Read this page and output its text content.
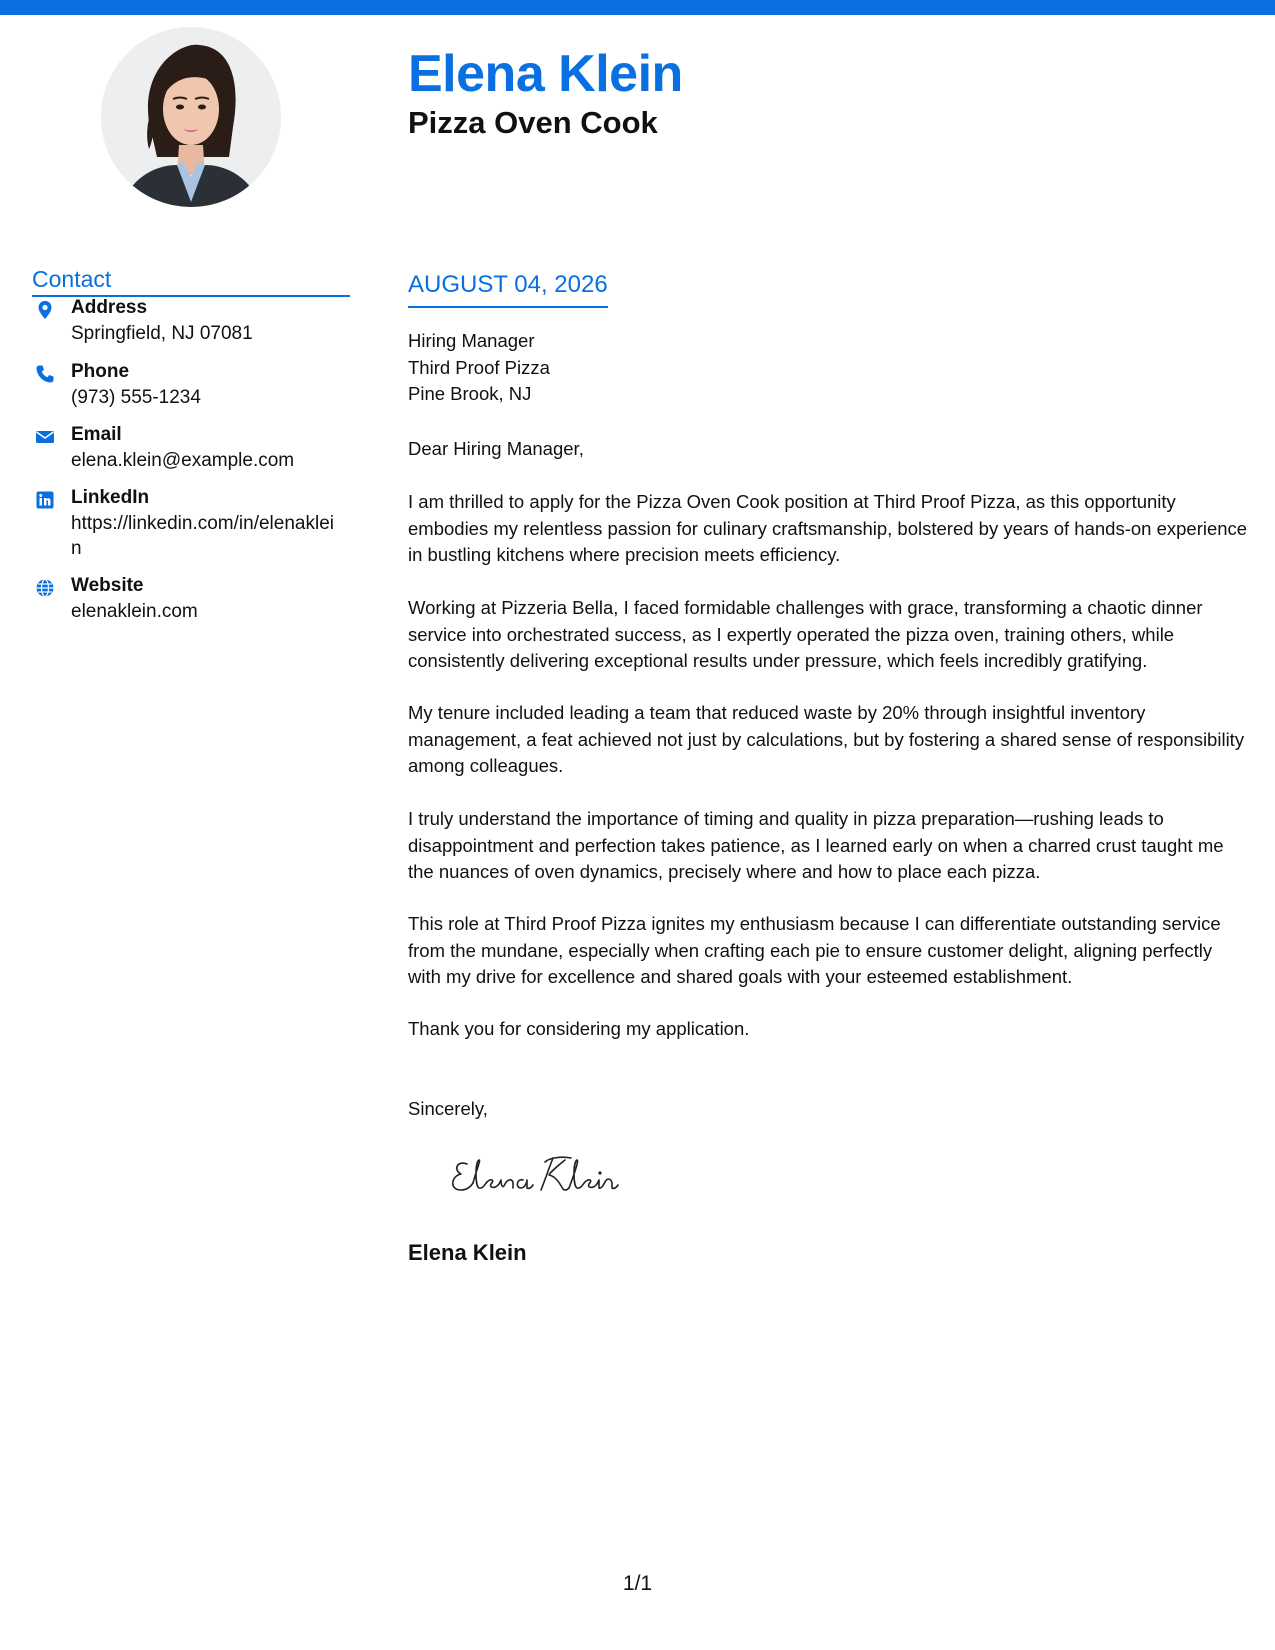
Elena Klein
Pizza Oven Cook
Contact
Address
Springfield, NJ 07081
Phone
(973) 555-1234
Email
elena.klein@example.com
LinkedIn
https://linkedin.com/in/elenaklein
Website
elenaklein.com
AUGUST 04, 2026
Hiring Manager
Third Proof Pizza
Pine Brook, NJ

Dear Hiring Manager,

I am thrilled to apply for the Pizza Oven Cook position at Third Proof Pizza, as this opportunity embodies my relentless passion for culinary craftsmanship, bolstered by years of hands-on experience in bustling kitchens where precision meets efficiency.

Working at Pizzeria Bella, I faced formidable challenges with grace, transforming a chaotic dinner service into orchestrated success, as I expertly operated the pizza oven, training others, while consistently delivering exceptional results under pressure, which feels incredibly gratifying.

My tenure included leading a team that reduced waste by 20% through insightful inventory management, a feat achieved not just by calculations, but by fostering a shared sense of responsibility among colleagues.

I truly understand the importance of timing and quality in pizza preparation—rushing leads to disappointment and perfection takes patience, as I learned early on when a charred crust taught me the nuances of oven dynamics, precisely where and how to place each pizza.

This role at Third Proof Pizza ignites my enthusiasm because I can differentiate outstanding service from the mundane, especially when crafting each pie to ensure customer delight, aligning perfectly with my drive for excellence and shared goals with your esteemed establishment.

Thank you for considering my application.

Sincerely,

Elena Klein
1/1
